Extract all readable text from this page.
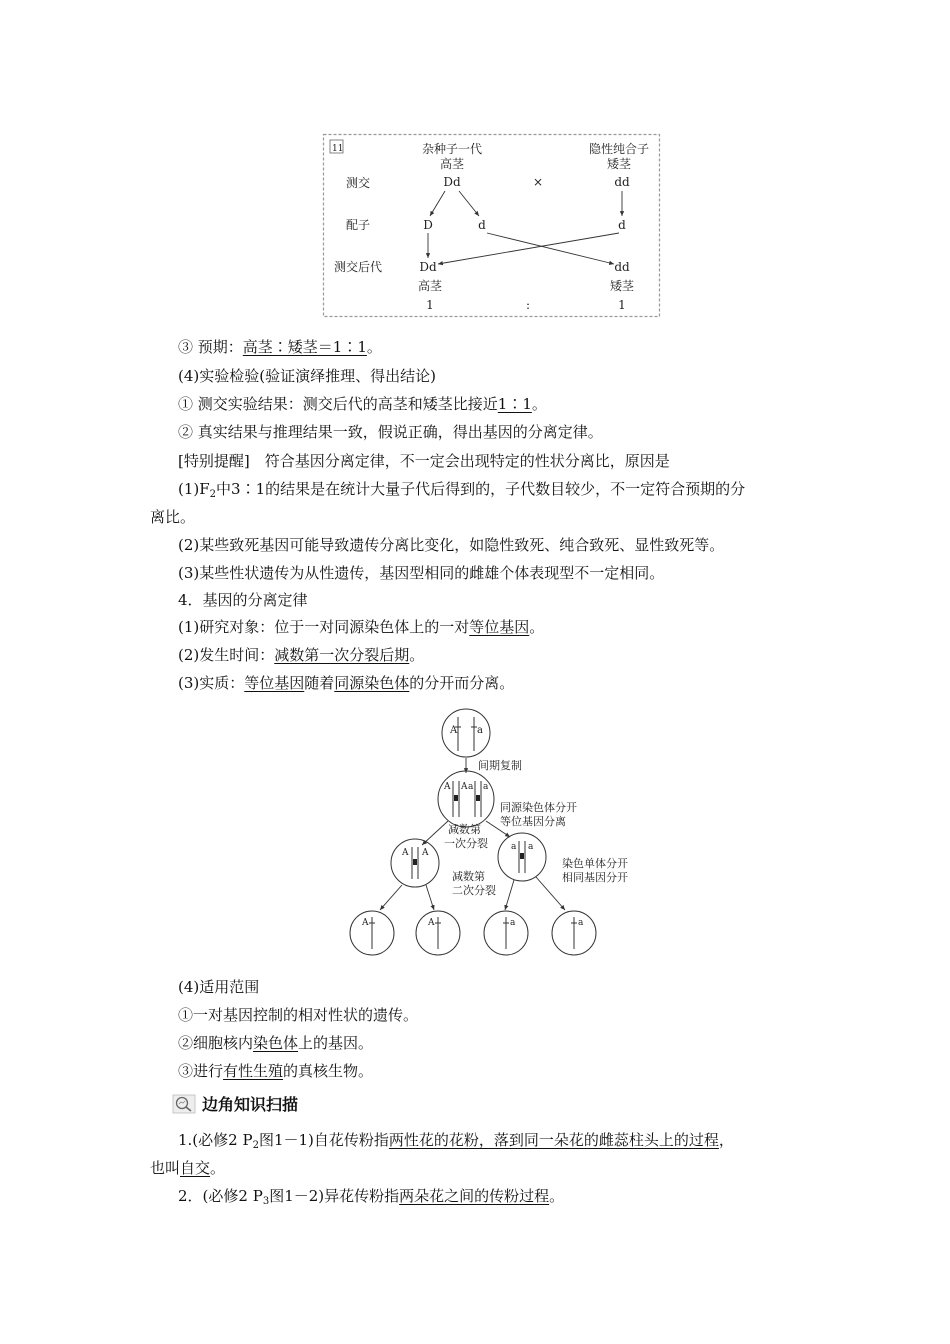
11	杂种子一代
高茎
隐性纯合子
矮茎
测交
配子
测交后代
Dd	×	dd
D	d	d
Dd	dd
高茎	矮茎
1	:	1
③ 预期：高茎∶矮茎＝1∶1。
(4)实验检验(验证演绎推理、得出结论)
① 测交实验结果：测交后代的高茎和矮茎比接近1∶1。
② 真实结果与推理结果一致，假说正确，得出基因的分离定律。
[特别提醒]　符合基因分离定律，不一定会出现特定的性状分离比，原因是
$(1)F_2$中3∶1的结果是在统计大量子代后得到的，子代数目较少，不一定符合预期的分
离比。
(2)某些致死基因可能导致遗传分离比变化，如隐性致死、纯合致死、显性致死等。
(3)某些性状遗传为从性遗传，基因型相同的雌雄个体表现型不一定相同。
4．基因的分离定律
(1)研究对象：位于一对同源染色体上的一对等位基因。
(2)发生时间：减数第一次分裂后期。
(3)实质：等位基因随着同源染色体的分开而分离。
A a
间期复制
A A a a
同源染色体分开
等位基因分离
减数第
一次分裂
A A
a a
减数第
二次分裂
染色单体分开
相同基因分开
A	A	a	a
(4)适用范围
①一对基因控制的相对性状的遗传。
②细胞核内染色体上的基因。
③进行有性生殖的真核生物。
边角知识扫描
1.(必修2 $P_2$图1－1)自花传粉指两性花的花粉，落到同一朵花的雌蕊柱头上的过程，
也叫自交。
2．(必修2 $P_3$图1－2)异花传粉指两朵花之间的传粉过程。
